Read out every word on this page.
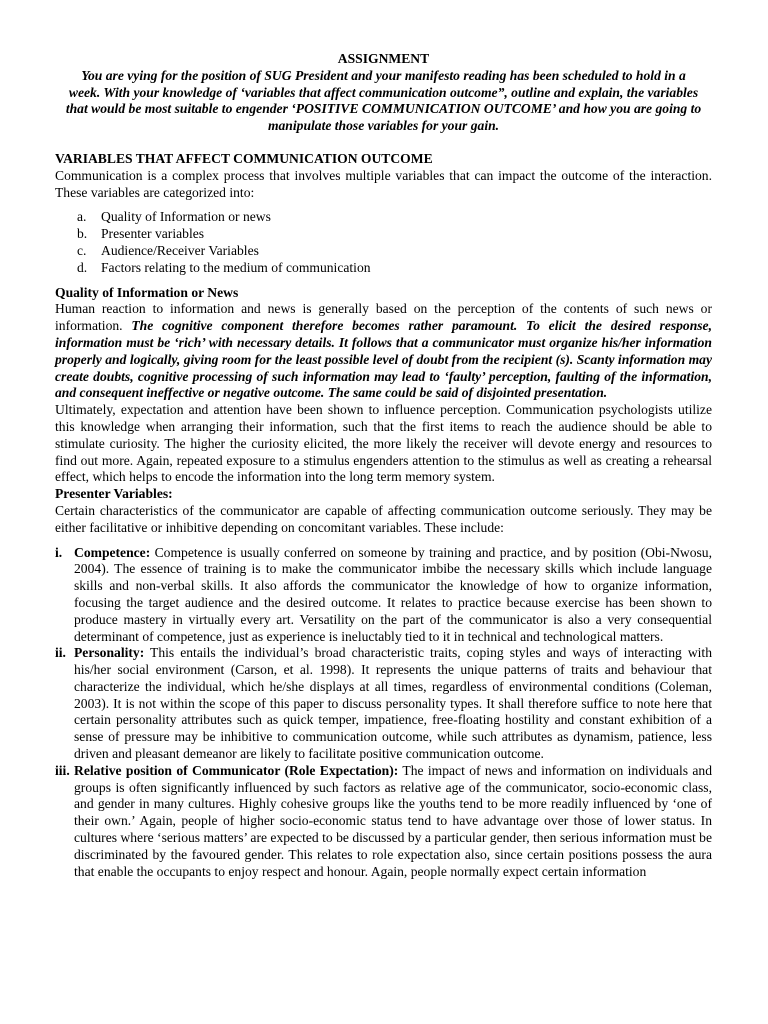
ASSIGNMENT

You are vying for the position of SUG President and your manifesto reading has been scheduled to hold in a week. With your knowledge of ‘variables that affect communication outcome”, outline and explain, the variables that would be most suitable to engender ‘POSITIVE COMMUNICATION OUTCOME’ and how you are going to manipulate those variables for your gain.

VARIABLES THAT AFFECT COMMUNICATION OUTCOME

Communication is a complex process that involves multiple variables that can impact the outcome of the interaction. These variables are categorized into:

a. Quality of Information or news
b. Presenter variables
c. Audience/Receiver Variables
d. Factors relating to the medium of communication

Quality of Information or News

Human reaction to information and news is generally based on the perception of the contents of such news or information. The cognitive component therefore becomes rather paramount. To elicit the desired response, information must be ‘rich’ with necessary details. It follows that a communicator must organize his/her information properly and logically, giving room for the least possible level of doubt from the recipient (s). Scanty information may create doubts, cognitive processing of such information may lead to ‘faulty’ perception, faulting of the information, and consequent ineffective or negative outcome. The same could be said of disjointed presentation.

Ultimately, expectation and attention have been shown to influence perception. Communication psychologists utilize this knowledge when arranging their information, such that the first items to reach the audience should be able to stimulate curiosity. The higher the curiosity elicited, the more likely the receiver will devote energy and resources to find out more. Again, repeated exposure to a stimulus engenders attention to the stimulus as well as creating a rehearsal effect, which helps to encode the information into the long term memory system.

Presenter Variables:

Certain characteristics of the communicator are capable of affecting communication outcome seriously. They may be either facilitative or inhibitive depending on concomitant variables. These include:

i. Competence: Competence is usually conferred on someone by training and practice, and by position (Obi-Nwosu, 2004). The essence of training is to make the communicator imbibe the necessary skills which include language skills and non-verbal skills. It also affords the communicator the knowledge of how to organize information, focusing the target audience and the desired outcome. It relates to practice because exercise has been shown to produce mastery in virtually every art. Versatility on the part of the communicator is also a very consequential determinant of competence, just as experience is ineluctably tied to it in technical and technological matters.
ii. Personality: This entails the individual’s broad characteristic traits, coping styles and ways of interacting with his/her social environment (Carson, et al. 1998). It represents the unique patterns of traits and behaviour that characterize the individual, which he/she displays at all times, regardless of environmental conditions (Coleman, 2003). It is not within the scope of this paper to discuss personality types. It shall therefore suffice to note here that certain personality attributes such as quick temper, impatience, free-floating hostility and constant exhibition of a sense of pressure may be inhibitive to communication outcome, while such attributes as dynamism, patience, less driven and pleasant demeanor are likely to facilitate positive communication outcome.
iii. Relative position of Communicator (Role Expectation): The impact of news and information on individuals and groups is often significantly influenced by such factors as relative age of the communicator, socio-economic class, and gender in many cultures. Highly cohesive groups like the youths tend to be more readily influenced by ‘one of their own.’ Again, people of higher socio-economic status tend to have advantage over those of lower status. In cultures where ‘serious matters’ are expected to be discussed by a particular gender, then serious information must be discriminated by the favoured gender. This relates to role expectation also, since certain positions possess the aura that enable the occupants to enjoy respect and honour. Again, people normally expect certain information
